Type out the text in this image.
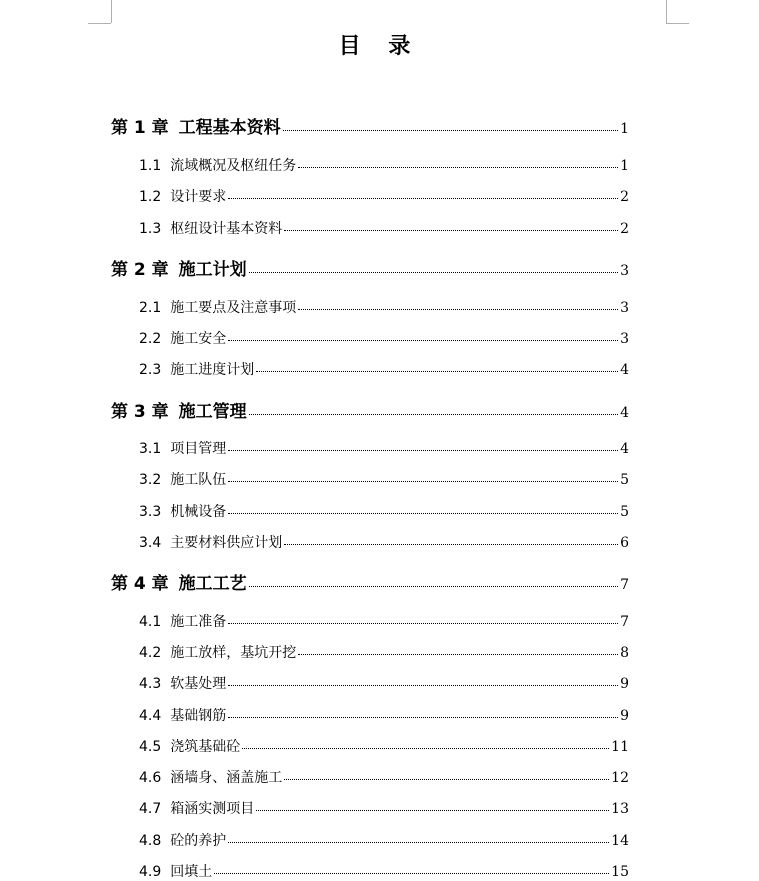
目 录
第 1 章 工程基本资料	1
1.1 流域概况及枢纽任务	1
1.2 设计要求	2
1.3 枢纽设计基本资料	2
第 2 章 施工计划	3
2.1 施工要点及注意事项	3
2.2 施工安全	3
2.3 施工进度计划	4
第 3 章 施工管理	4
3.1 项目管理	4
3.2 施工队伍	5
3.3 机械设备	5
3.4 主要材料供应计划	6
第 4 章 施工工艺	7
4.1 施工准备	7
4.2 施工放样，基坑开挖	8
4.3 软基处理	9
4.4 基础钢筋	9
4.5 浇筑基础砼	11
4.6 涵墙身、涵盖施工	12
4.7 箱涵实测项目	13
4.8 砼的养护	14
4.9 回填土	15
